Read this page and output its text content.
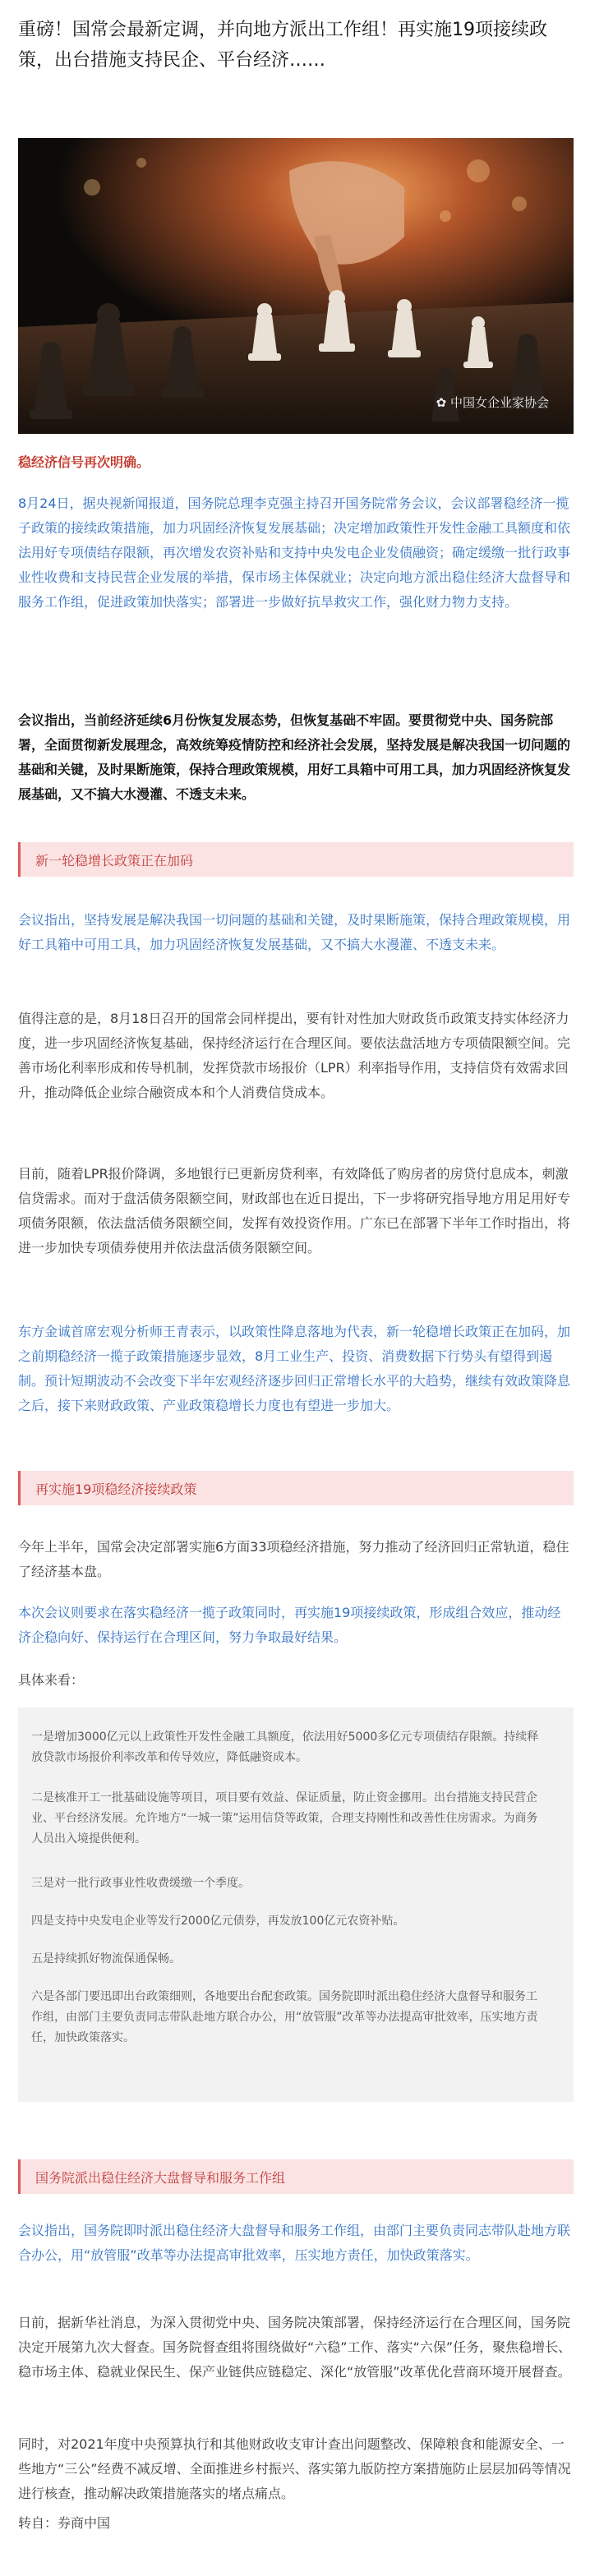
重磅！国常会最新定调，并向地方派出工作组！再实施19项接续政策，出台措施支持民企、平台经济……
✿ 中国女企业家协会

稳经济信号再次明确。

8月24日，据央视新闻报道，国务院总理李克强主持召开国务院常务会议，会议部署稳经济一揽子政策的接续政策措施，加力巩固经济恢复发展基础；决定增加政策性开发性金融工具额度和依法用好专项债结存限额，再次增发农资补贴和支持中央发电企业发债融资；确定缓缴一批行政事业性收费和支持民营企业发展的举措，保市场主体保就业；决定向地方派出稳住经济大盘督导和服务工作组，促进政策加快落实；部署进一步做好抗旱救灾工作，强化财力物力支持。

会议指出，当前经济延续6月份恢复发展态势，但恢复基础不牢固。要贯彻党中央、国务院部署，全面贯彻新发展理念，高效统筹疫情防控和经济社会发展，坚持发展是解决我国一切问题的基础和关键，及时果断施策，保持合理政策规模，用好工具箱中可用工具，加力巩固经济恢复发展基础，又不搞大水漫灌、不透支未来。

新一轮稳增长政策正在加码

会议指出，坚持发展是解决我国一切问题的基础和关键，及时果断施策，保持合理政策规模，用好工具箱中可用工具，加力巩固经济恢复发展基础，又不搞大水漫灌、不透支未来。

值得注意的是，8月18日召开的国常会同样提出，要有针对性加大财政货币政策支持实体经济力度，进一步巩固经济恢复基础，保持经济运行在合理区间。要依法盘活地方专项债限额空间。完善市场化利率形成和传导机制，发挥贷款市场报价（LPR）利率指导作用，支持信贷有效需求回升，推动降低企业综合融资成本和个人消费信贷成本。

目前，随着LPR报价降调，多地银行已更新房贷利率，有效降低了购房者的房贷付息成本，刺激信贷需求。而对于盘活债务限额空间，财政部也在近日提出，下一步将研究指导地方用足用好专项债务限额，依法盘活债务限额空间，发挥有效投资作用。广东已在部署下半年工作时指出，将进一步加快专项债券使用并依法盘活债务限额空间。

东方金诚首席宏观分析师王青表示，以政策性降息落地为代表，新一轮稳增长政策正在加码，加之前期稳经济一揽子政策措施逐步显效，8月工业生产、投资、消费数据下行势头有望得到遏制。预计短期波动不会改变下半年宏观经济逐步回归正常增长水平的大趋势，继续有效政策降息之后，接下来财政政策、产业政策稳增长力度也有望进一步加大。

再实施19项稳经济接续政策

今年上半年，国常会决定部署实施6方面33项稳经济措施，努力推动了经济回归正常轨道，稳住了经济基本盘。

本次会议则要求在落实稳经济一揽子政策同时，再实施19项接续政策，形成组合效应，推动经济企稳向好、保持运行在合理区间，努力争取最好结果。

具体来看：

一是增加3000亿元以上政策性开发性金融工具额度，依法用好5000多亿元专项债结存限额。持续释放贷款市场报价利率改革和传导效应，降低融资成本。

二是核准开工一批基础设施等项目，项目要有效益、保证质量，防止资金挪用。出台措施支持民营企业、平台经济发展。允许地方“一城一策”运用信贷等政策，合理支持刚性和改善性住房需求。为商务人员出入境提供便利。

三是对一批行政事业性收费缓缴一个季度。

四是支持中央发电企业等发行2000亿元债券，再发放100亿元农资补贴。

五是持续抓好物流保通保畅。

六是各部门要迅即出台政策细则，各地要出台配套政策。国务院即时派出稳住经济大盘督导和服务工作组，由部门主要负责同志带队赴地方联合办公，用“放管服”改革等办法提高审批效率，压实地方责任，加快政策落实。

国务院派出稳住经济大盘督导和服务工作组

会议指出，国务院即时派出稳住经济大盘督导和服务工作组，由部门主要负责同志带队赴地方联合办公，用“放管服”改革等办法提高审批效率，压实地方责任，加快政策落实。

日前，据新华社消息，为深入贯彻党中央、国务院决策部署，保持经济运行在合理区间，国务院决定开展第九次大督查。国务院督查组将围绕做好“六稳”工作、落实“六保”任务，聚焦稳增长、稳市场主体、稳就业保民生、保产业链供应链稳定、深化“放管服”改革优化营商环境开展督查。

同时，对2021年度中央预算执行和其他财政收支审计查出问题整改、保障粮食和能源安全、一些地方“三公”经费不减反增、全面推进乡村振兴、落实第九版防控方案措施防止层层加码等情况进行核查，推动解决政策措施落实的堵点痛点。

转自：券商中国
